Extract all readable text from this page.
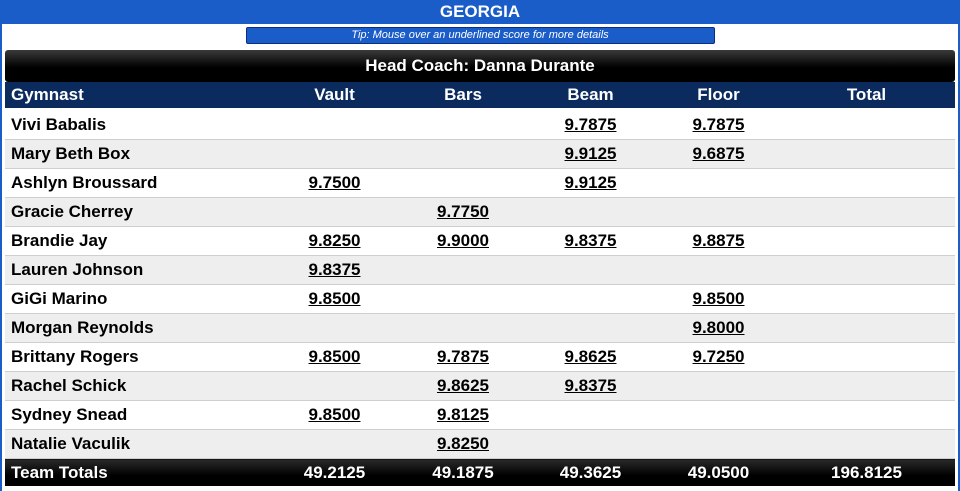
GEORGIA
Tip: Mouse over an underlined score for more details
Head Coach: Danna Durante
Gymnast	Vault	Bars	Beam	Floor	Total
Vivi Babalis			9.7875	9.7875	
Mary Beth Box			9.9125	9.6875	
Ashlyn Broussard	9.7500		9.9125		
Gracie Cherrey		9.7750			
Brandie Jay	9.8250	9.9000	9.8375	9.8875	
Lauren Johnson	9.8375				
GiGi Marino	9.8500			9.8500	
Morgan Reynolds				9.8000	
Brittany Rogers	9.8500	9.7875	9.8625	9.7250	
Rachel Schick		9.8625	9.8375		
Sydney Snead	9.8500	9.8125			
Natalie Vaculik		9.8250			
Team Totals	49.2125	49.1875	49.3625	49.0500	196.8125
